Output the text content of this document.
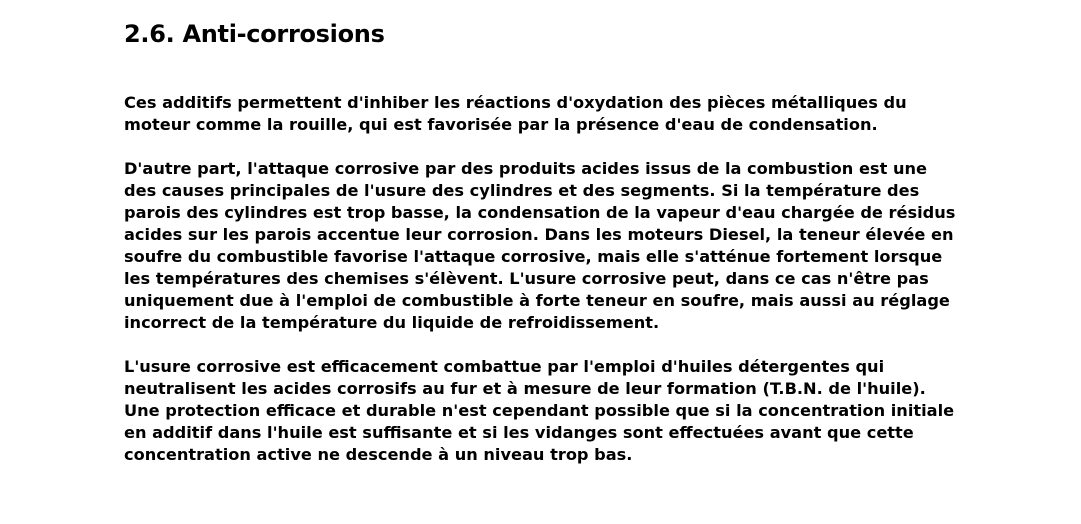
2.6. Anti-corrosions

Ces additifs permettent d'inhiber les réactions d'oxydation des pièces métalliques du
moteur comme la rouille, qui est favorisée par la présence d'eau de condensation.

D'autre part, l'attaque corrosive par des produits acides issus de la combustion est une
des causes principales de l'usure des cylindres et des segments. Si la température des
parois des cylindres est trop basse, la condensation de la vapeur d'eau chargée de résidus
acides sur les parois accentue leur corrosion. Dans les moteurs Diesel, la teneur élevée en
soufre du combustible favorise l'attaque corrosive, mais elle s'atténue fortement lorsque
les températures des chemises s'élèvent. L'usure corrosive peut, dans ce cas n'être pas
uniquement due à l'emploi de combustible à forte teneur en soufre, mais aussi au réglage
incorrect de la température du liquide de refroidissement.

L'usure corrosive est efficacement combattue par l'emploi d'huiles détergentes qui
neutralisent les acides corrosifs au fur et à mesure de leur formation (T.B.N. de l'huile).
Une protection efficace et durable n'est cependant possible que si la concentration initiale
en additif dans l'huile est suffisante et si les vidanges sont effectuées avant que cette
concentration active ne descende à un niveau trop bas.
